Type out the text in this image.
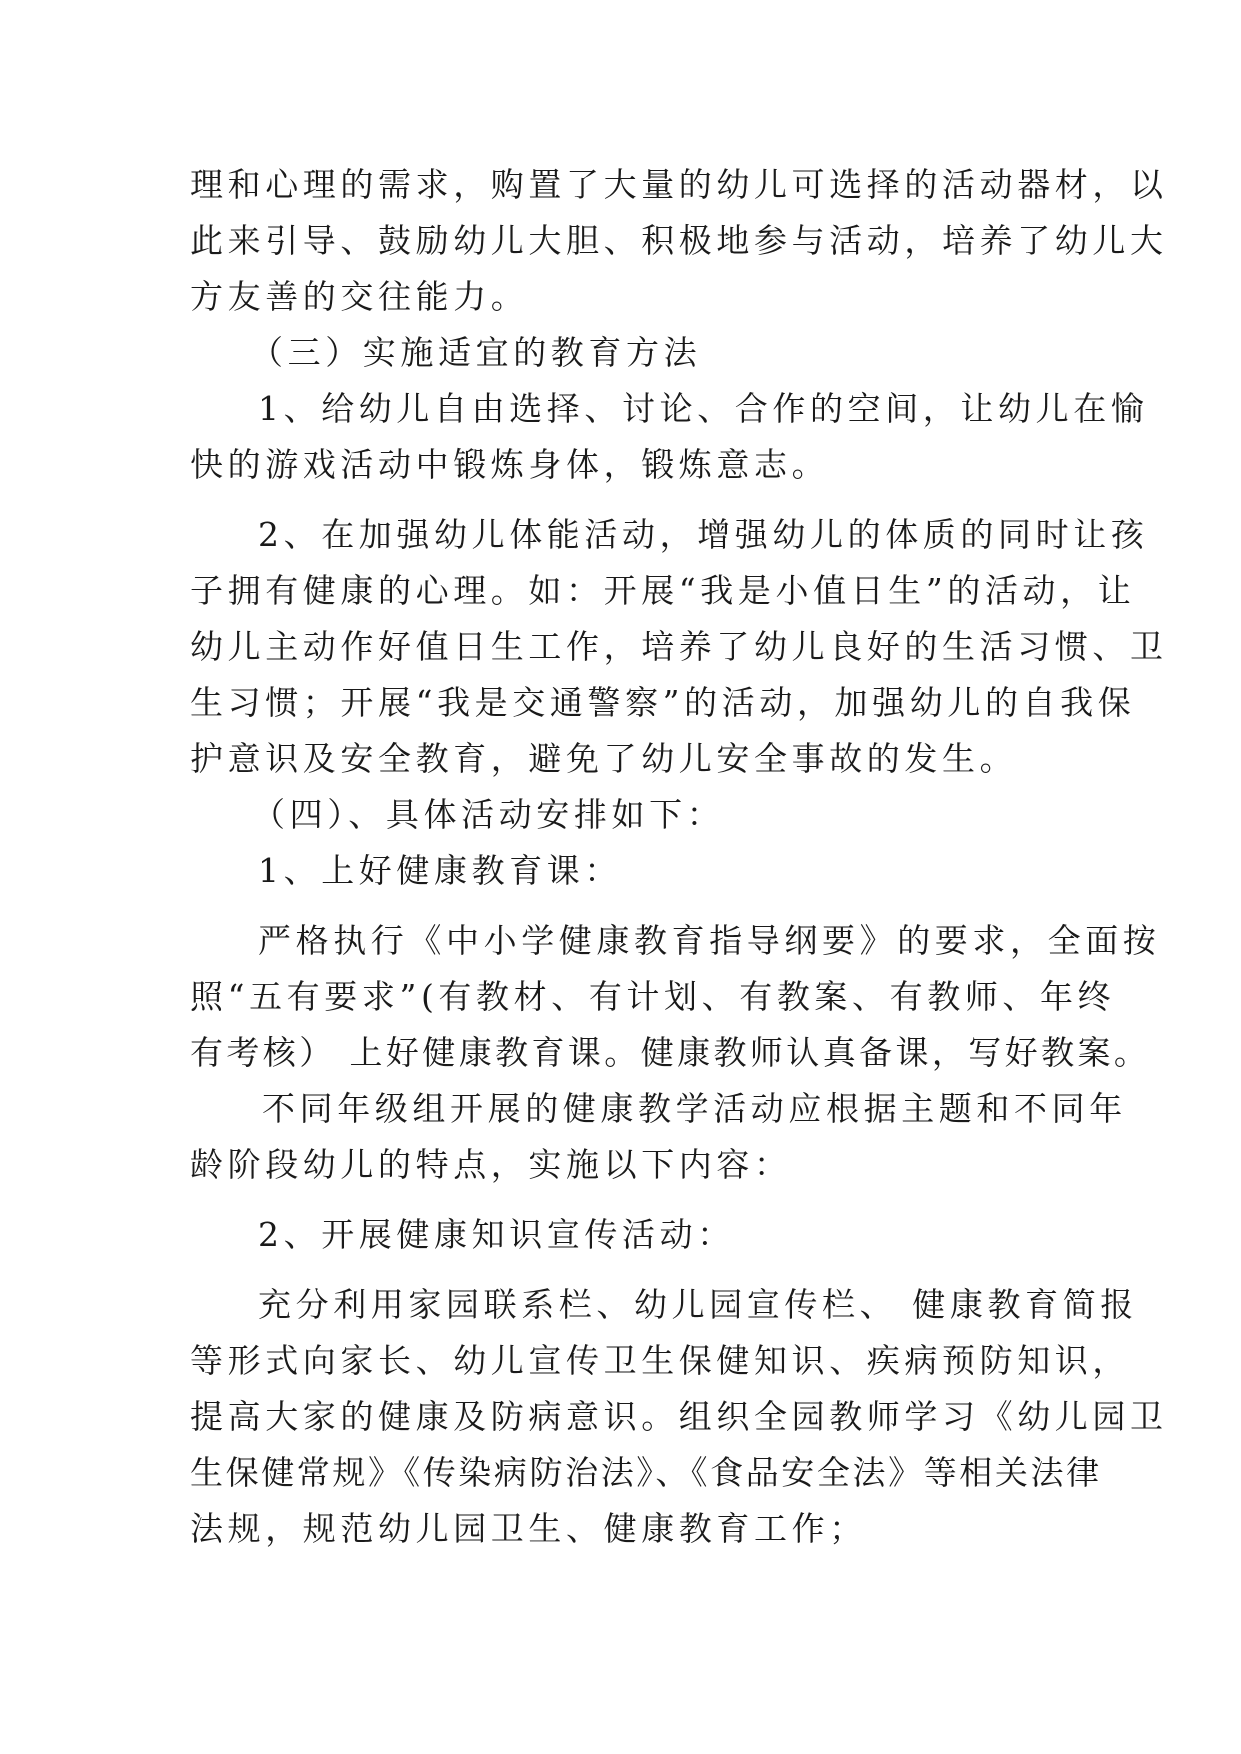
理和心理的需求，购置了大量的幼儿可选择的活动器材，以
此来引导、鼓励幼儿大胆、积极地参与活动，培养了幼儿大
方友善的交往能力。
（三）实施适宜的教育方法
1、给幼儿自由选择、讨论、合作的空间，让幼儿在愉
快的游戏活动中锻炼身体，锻炼意志。
2、在加强幼儿体能活动，增强幼儿的体质的同时让孩
子拥有健康的心理。如：开展“我是小值日生”的活动，让
幼儿主动作好值日生工作，培养了幼儿良好的生活习惯、卫
生习惯；开展“我是交通警察”的活动，加强幼儿的自我保
护意识及安全教育，避免了幼儿安全事故的发生。
（四）、具体活动安排如下：
1、上好健康教育课：
严格执行《中小学健康教育指导纲要》的要求，全面按
照“五有要求”(有教材、有计划、有教案、有教师、年终
有考核） 上好健康教育课。健康教师认真备课，写好教案。
不同年级组开展的健康教学活动应根据主题和不同年
龄阶段幼儿的特点，实施以下内容：
2、开展健康知识宣传活动：
充分利用家园联系栏、幼儿园宣传栏、 健康教育简报
等形式向家长、幼儿宣传卫生保健知识、疾病预防知识，
提高大家的健康及防病意识。组织全园教师学习《幼儿园卫
生保健常规》《传染病防治法》、《食品安全法》等相关法律
法规，规范幼儿园卫生、健康教育工作；
